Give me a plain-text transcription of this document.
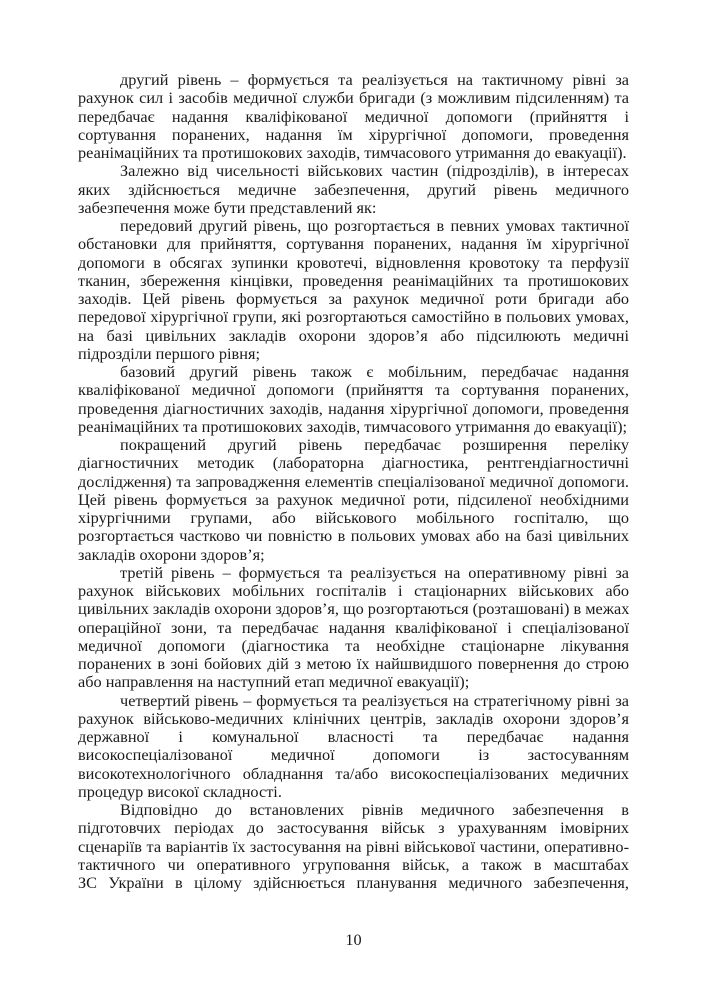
другий рівень – формується та реалізується на тактичному рівні за
рахунок сил і засобів медичної служби бригади (з можливим підсиленням) та
передбачає надання кваліфікованої медичної допомоги (прийняття і
сортування поранених, надання їм хірургічної допомоги, проведення
реанімаційних та протишокових заходів, тимчасового утримання до евакуації).
Залежно від чисельності військових частин (підрозділів), в інтересах
яких здійснюється медичне забезпечення, другий рівень медичного
забезпечення може бути представлений як:
передовий другий рівень, що розгортається в певних умовах тактичної
обстановки для прийняття, сортування поранених, надання їм хірургічної
допомоги в обсягах зупинки кровотечі, відновлення кровотоку та перфузії
тканин, збереження кінцівки, проведення реанімаційних та протишокових
заходів. Цей рівень формується за рахунок медичної роти бригади або
передової хірургічної групи, які розгортаються самостійно в польових умовах,
на базі цивільних закладів охорони здоров’я або підсилюють медичні
підрозділи першого рівня;
базовий другий рівень також є мобільним, передбачає надання
кваліфікованої медичної допомоги (прийняття та сортування поранених,
проведення діагностичних заходів, надання хірургічної допомоги, проведення
реанімаційних та протишокових заходів, тимчасового утримання до евакуації);
покращений другий рівень передбачає розширення переліку
діагностичних методик (лабораторна діагностика, рентгендіагностичні
дослідження) та запровадження елементів спеціалізованої медичної допомоги.
Цей рівень формується за рахунок медичної роти, підсиленої необхідними
хірургічними групами, або військового мобільного госпіталю, що
розгортається частково чи повністю в польових умовах або на базі цивільних
закладів охорони здоров’я;
третій рівень – формується та реалізується на оперативному рівні за
рахунок військових мобільних госпіталів і стаціонарних військових або
цивільних закладів охорони здоров’я, що розгортаються (розташовані) в межах
операційної зони, та передбачає надання кваліфікованої і спеціалізованої
медичної допомоги (діагностика та необхідне стаціонарне лікування
поранених в зоні бойових дій з метою їх найшвидшого повернення до строю
або направлення на наступний етап медичної евакуації);
четвертий рівень – формується та реалізується на стратегічному рівні за
рахунок військово-медичних клінічних центрів, закладів охорони здоров’я
державної і комунальної власності та передбачає надання
високоспеціалізованої медичної допомоги із застосуванням
високотехнологічного обладнання та/або високоспеціалізованих медичних
процедур високої складності.
Відповідно до встановлених рівнів медичного забезпечення в
підготовчих періодах до застосування військ з урахуванням імовірних
сценаріїв та варіантів їх застосування на рівні військової частини, оперативно-
тактичного чи оперативного угруповання військ, а також в масштабах
ЗС України в цілому здійснюється планування медичного забезпечення,
10
